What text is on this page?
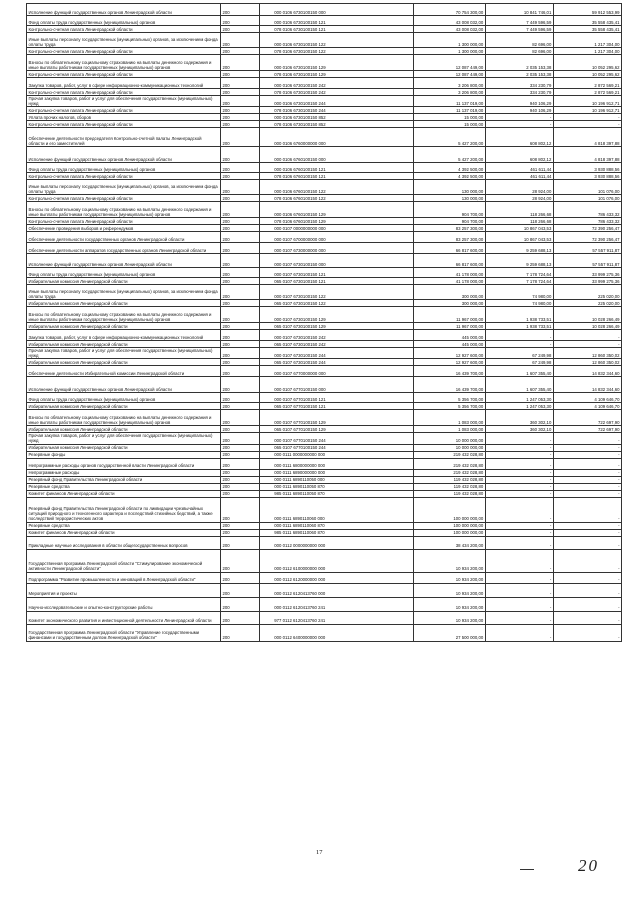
Исполнение функций государственных органов Ленинградской области	200	000 0106 6730100150 000	70 754 300,00	10 841 746,01	59 912 553,99
Фонд оплаты труда государственных (муниципальных) органов	200	000 0106 6730100150 121	43 008 032,00	7 449 596,59	35 558 435,41
Контрольно-счетная палата Ленинградской области	200	078 0106 6730100150 121	43 008 032,00	7 449 596,59	35 558 435,41
Иные выплаты персоналу государственных (муниципальных) органов, за исключением фонда оплаты труда	200	000 0106 6730100150 122	1 300 000,00	82 696,00	1 217 304,00
Контрольно-счетная палата Ленинградской области	200	078 0106 6730100150 122	1 300 000,00	82 696,00	1 217 304,00
Взносы по обязательному социальному страхованию на выплаты денежного содержания и иные выплаты работникам государственных (муниципальных) органов	200	000 0106 6730100150 129	12 087 449,00	2 035 153,38	10 052 295,62
Контрольно-счетная палата Ленинградской области	200	078 0106 6730100150 129	12 087 449,00	2 035 153,38	10 052 295,62
Закупка товаров, работ, услуг в сфере информационно-коммуникационных технологий	200	000 0106 6730100150 242	3 206 800,00	334 230,79	2 872 569,21
Контрольно-счетная палата Ленинградской области	200	078 0106 6730100150 242	3 206 800,00	334 230,79	2 872 569,21
Прочая закупка товаров, работ и услуг для обеспечения государственных (муниципальных) нужд	200	000 0106 6730100150 244	11 137 019,00	940 106,29	10 196 912,71
Контрольно-счетная палата Ленинградской области	200	078 0106 6730100150 244	11 137 019,00	940 106,29	10 196 912,71
Уплата прочих налогов, сборов	200	000 0106 6730100150 852	15 000,00	-	-
Контрольно-счетная палата Ленинградской области	200	078 0106 6730100150 852	15 000,00	-	-
Обеспечение деятельности председателя Контрольно-счетной палаты Ленинградской области и его заместителей	200	000 0106 6760000000 000	5 427 200,00	608 802,12	4 818 397,88
Исполнение функций государственных органов Ленинградской области	200	000 0106 6760100150 000	5 427 200,00	608 802,12	4 818 397,88
Фонд оплаты труда государственных (муниципальных) органов	200	000 0106 6760100150 121	4 392 500,00	461 611,44	3 930 888,56
Контрольно-счетная палата Ленинградской области	200	078 0106 6760100150 121	4 392 500,00	461 611,44	3 930 888,56
Иные выплаты персоналу государственных (муниципальных) органов, за исключением фонда оплаты труда	200	000 0106 6760100150 122	130 000,00	28 924,00	101 076,00
Контрольно-счетная палата Ленинградской области	200	078 0106 6760100150 122	130 000,00	28 924,00	101 076,00
Взносы по обязательному социальному страхованию на выплаты денежного содержания и иные выплаты работникам государственных (муниципальных) органов	200	000 0106 6760100150 129	904 700,00	118 266,68	786 433,32
Контрольно-счетная палата Ленинградской области	200	078 0106 6760100150 129	904 700,00	118 266,68	786 433,32
Обеспечение проведения выборов и референдумов	200	000 0107 0000000000 000	83 257 300,00	10 867 043,53	72 390 256,47
Обеспечение деятельности государственных органов Ленинградской области	200	000 0107 6700000000 000	83 257 300,00	10 867 043,53	72 390 256,47
Обеспечение деятельности аппаратов государственных органов Ленинградской области	200	000 0107 6730000000 000	66 817 600,00	9 259 688,13	57 557 911,87
Исполнение функций государственных органов Ленинградской области	200	000 0107 6730100150 000	66 817 600,00	9 259 688,13	57 557 911,87
Фонд оплаты труда государственных (муниципальных) органов	200	000 0107 6730100150 121	41 178 000,00	7 178 724,64	33 999 275,36
Избирательная комиссия Ленинградской области	200	065 0107 6730100150 121	41 178 000,00	7 178 724,64	33 999 275,36
Иные выплаты персоналу государственных (муниципальных) органов, за исключением фонда оплаты труда	200	000 0107 6730100150 122	300 000,00	74 980,00	225 020,00
Избирательная комиссия Ленинградской области	200	065 0107 6730100150 122	300 000,00	74 980,00	225 020,00
Взносы по обязательному социальному страхованию на выплаты денежного содержания и иные выплаты работникам государственных (муниципальных) органов	200	000 0107 6730100150 129	11 967 000,00	1 938 733,51	10 028 266,49
Избирательная комиссия Ленинградской области	200	065 0107 6730100150 129	11 967 000,00	1 938 733,51	10 028 266,49
Закупка товаров, работ, услуг в сфере информационно-коммуникационных технологий	200	000 0107 6730100150 242	445 000,00	-	-
Избирательная комиссия Ленинградской области	200	065 0107 6730100150 242	445 000,00	-	-
Прочая закупка товаров, работ и услуг для обеспечения государственных (муниципальных) нужд	200	000 0107 6730100150 244	12 927 600,00	67 249,98	12 860 350,02
Избирательная комиссия Ленинградской области	200	065 0107 6730100150 244	12 927 600,00	67 249,98	12 860 350,02
Обеспечение деятельности Избирательной комиссии Ленинградской области	200	000 0107 6770000000 000	16 439 700,00	1 607 355,40	14 832 344,60
Исполнение функций государственных органов Ленинградской области	200	000 0107 6770100150 000	16 439 700,00	1 607 355,40	14 832 344,60
Фонд оплаты труда государственных (муниципальных) органов	200	000 0107 6770100150 121	5 356 700,00	1 247 053,30	4 109 646,70
Избирательная комиссия Ленинградской области	200	065 0107 6770100150 121	5 356 700,00	1 247 053,30	4 109 646,70
Взносы по обязательному социальному страхованию на выплаты денежного содержания и иные выплаты работникам государственных (муниципальных) органов	200	000 0107 6770100150 129	1 083 000,00	360 302,10	722 697,90
Избирательная комиссия Ленинградской области	200	065 0107 6770100150 129	1 083 000,00	360 302,10	722 697,90
Прочая закупка товаров, работ и услуг для обеспечения государственных (муниципальных) нужд	200	000 0107 6770100150 244	10 000 000,00	-	-
Избирательная комиссия Ленинградской области	200	065 0107 6770100150 244	10 000 000,00	-	-
Резервные фонды	200	000 0111 0000000000 000	219 432 028,80	-	-
Непрограммные расходы органов государственной власти Ленинградской области	200	000 0111 6800000000 000	219 432 028,80	-	-
Непрограммные расходы	200	000 0111 6890000000 000	219 432 028,80	-	-
Резервный фонд Правительства Ленинградской области	200	000 0111 6890110050 000	119 432 028,80	-	-
Резервные средства	200	000 0111 6890110050 870	119 432 028,80	-	-
Комитет финансов Ленинградской области	200	985 0111 6890110050 870	119 432 028,80	-	-
Резервный фонд Правительства Ленинградской области по ликвидации чрезвычайных ситуаций природного и техногенного характера и последствий стихийных бедствий, а также последствий террористических актов	200	000 0111 6890110060 000	100 000 000,00	-	-
Резервные средства	200	000 0111 6890110060 870	100 000 000,00	-	-
Комитет финансов Ленинградской области	200	985 0111 6890110060 870	100 000 000,00	-	-
Прикладные научные исследования в области общегосударственных вопросов	200	000 0112 0000000000 000	38 434 200,00	-	-
Государственная программа Ленинградской области "Стимулирование экономической активности Ленинградской области"	200	000 0112 6100000000 000	10 934 200,00	-	-
Подпрограмма "Развитие промышленности и инноваций в Ленинградской области"	200	000 0112 6120000000 000	10 934 200,00	-	-
Мероприятия и проекты	200	000 0112 6120413760 000	10 934 200,00	-	-
Научно-исследовательские и опытно-конструкторские работы	200	000 0112 6120413760 241	10 934 200,00	-	-
Комитет экономического развития и инвестиционной деятельности Ленинградской области	200	977 0112 6120413760 241	10 934 200,00	-	-
Государственная программа Ленинградской области "Управление государственными финансами и государственным долгом Ленинградской области"	200	000 0112 6400000000 000	27 500 000,00	-	-
17
20
